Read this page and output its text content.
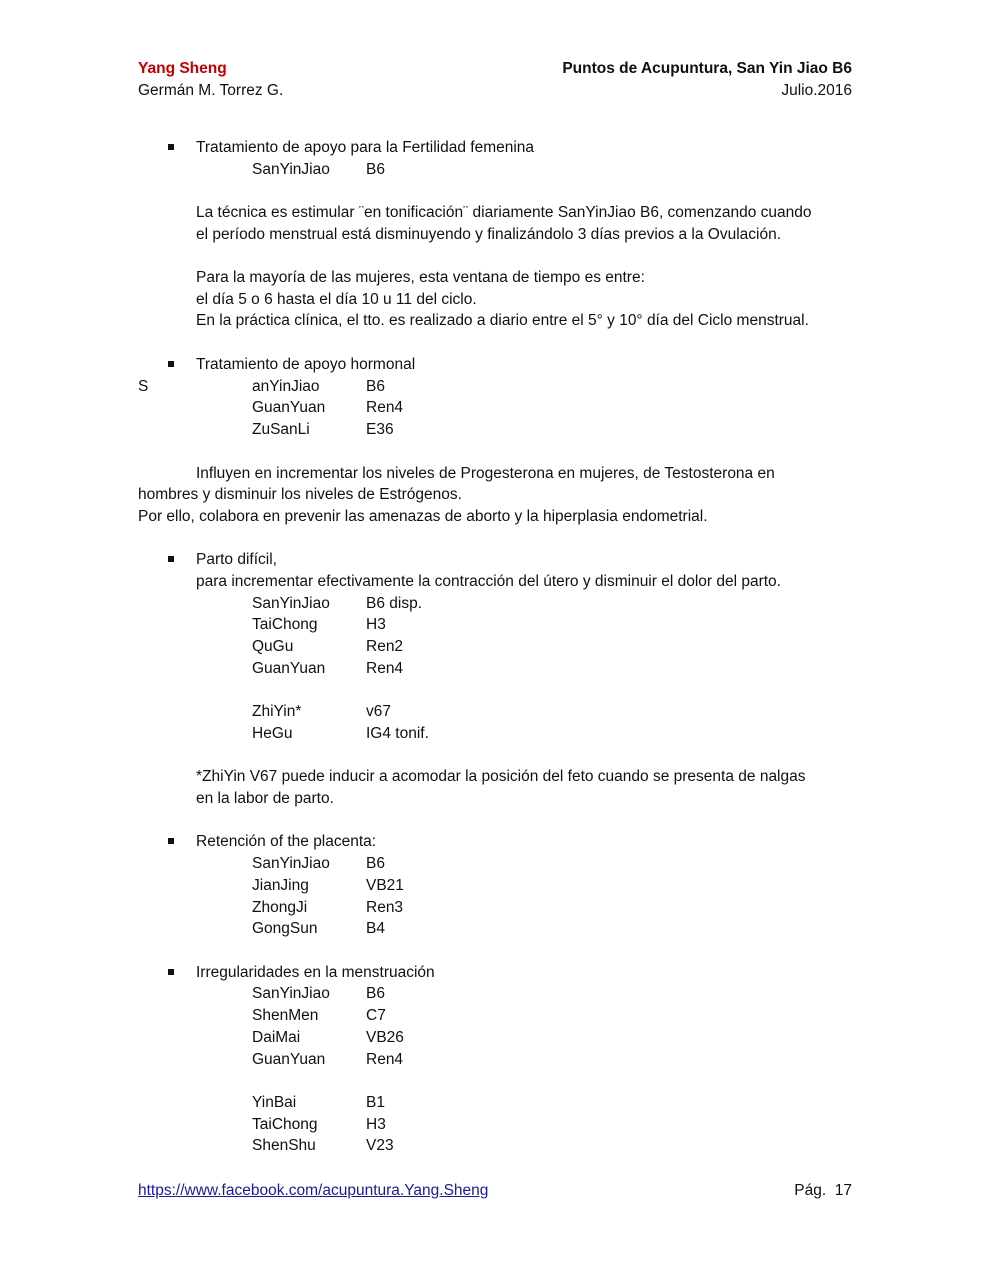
Yang Sheng	Puntos de Acupuntura, San Yin Jiao B6
Germán M. Torrez G.	Julio.2016
Tratamiento de apoyo para la Fertilidad femenina
SanYinJiao B6
La técnica es estimular ¨en tonificación¨ diariamente SanYinJiao B6, comenzando cuando
el período menstrual está disminuyendo y finalizándolo 3 días previos a la Ovulación.
Para la mayoría de las mujeres, esta ventana de tiempo es entre:
el día 5 o 6 hasta el día 10 u 11 del ciclo.
En la práctica clínica, el tto. es realizado a diario entre el 5° y 10° día del Ciclo menstrual.
Tratamiento de apoyo hormonal
S	anYinJiao	B6
GuanYuan	Ren4
ZuSanLi	E36
Influyen en incrementar los niveles de Progesterona en mujeres, de Testosterona en
hombres y disminuir los niveles de Estrógenos.
Por ello, colabora en prevenir las amenazas de aborto y la hiperplasia endometrial.
Parto difícil,
para incrementar efectivamente la contracción del útero y disminuir el dolor del parto.
SanYinJiao B6 disp.
TaiChong	H3
QuGu	Ren2
GuanYuan	Ren4
ZhiYin*	v67
HeGu	IG4 tonif.
*ZhiYin V67 puede inducir a acomodar la posición del feto cuando se presenta de nalgas
en la labor de parto.
Retención of the placenta:
SanYinJiao B6
JianJing	VB21
ZhongJi	Ren3
GongSun	B4
Irregularidades en la menstruación
SanYinJiao B6
ShenMen	C7
DaiMai	VB26
GuanYuan	Ren4
YinBai	B1
TaiChong	H3
ShenShu	V23
https://www.facebook.com/acupuntura.Yang.Sheng	Pág.  17
